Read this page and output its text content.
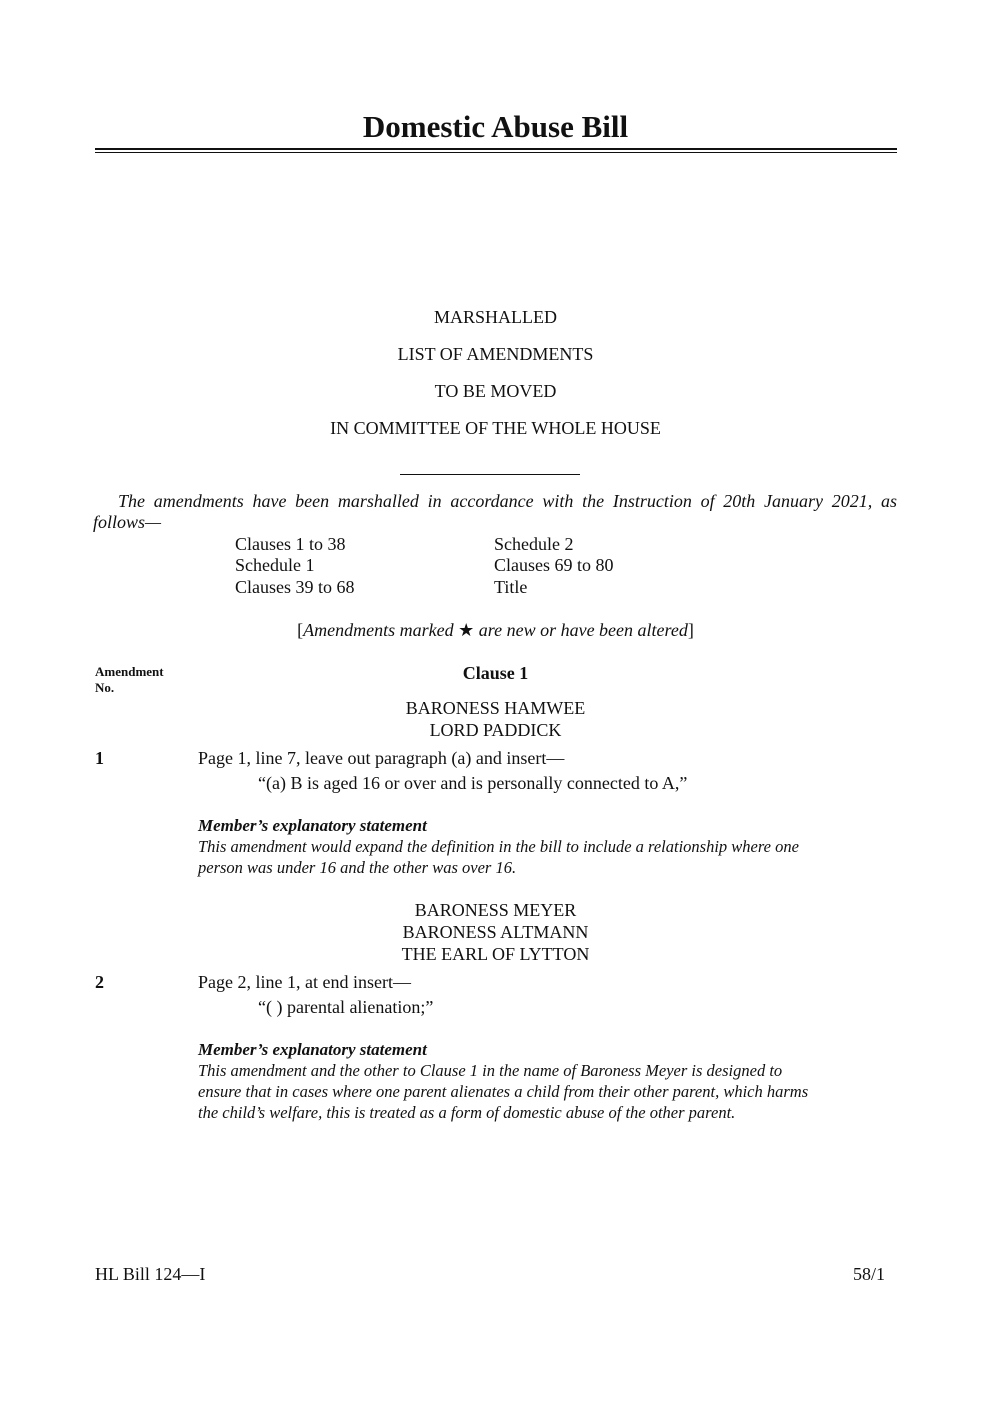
Domestic Abuse Bill
MARSHALLED
LIST OF AMENDMENTS
TO BE MOVED
IN COMMITTEE OF THE WHOLE HOUSE
The amendments have been marshalled in accordance with the Instruction of 20th January 2021, as
follows—
Clauses 1 to 38
Schedule 1
Clauses 39 to 68
Schedule 2
Clauses 69 to 80
Title
[Amendments marked ★ are new or have been altered]
Amendment
No.
Clause 1
BARONESS HAMWEE
LORD PADDICK
1	Page 1, line 7, leave out paragraph (a) and insert—
“(a) B is aged 16 or over and is personally connected to A,”
Member’s explanatory statement
This amendment would expand the definition in the bill to include a relationship where one
person was under 16 and the other was over 16.
BARONESS MEYER
BARONESS ALTMANN
THE EARL OF LYTTON
2	Page 2, line 1, at end insert—
“( ) parental alienation;”
Member’s explanatory statement
This amendment and the other to Clause 1 in the name of Baroness Meyer is designed to
ensure that in cases where one parent alienates a child from their other parent, which harms
the child’s welfare, this is treated as a form of domestic abuse of the other parent.
HL Bill 124—I	58/1
